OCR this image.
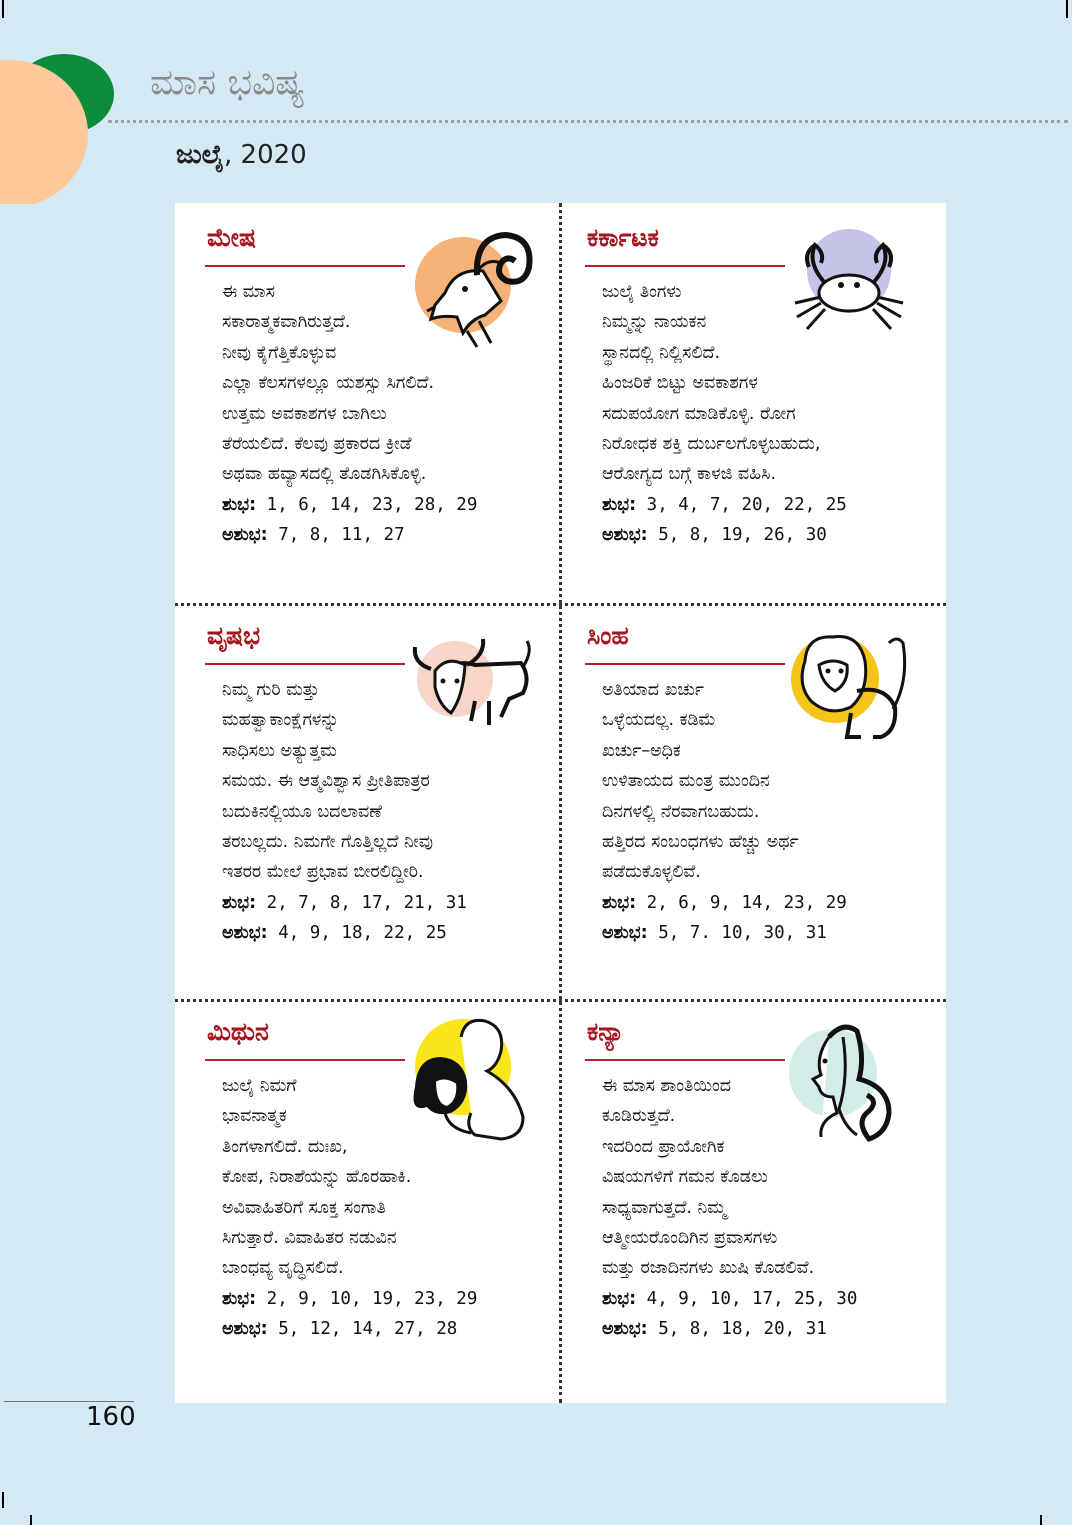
ಮಾಸ ಭವಿಷ್ಯ
ಜುಲೈ, 2020
ಮೇಷ
ಈ ಮಾಸ
ಸಕಾರಾತ್ಮಕವಾಗಿರುತ್ತದೆ.
ನೀವು ಕೈಗೆತ್ತಿಕೊಳ್ಳುವ
ಎಲ್ಲಾ ಕೆಲಸಗಳಲ್ಲೂ ಯಶಸ್ಸು ಸಿಗಲಿದೆ.
ಉತ್ತಮ ಅವಕಾಶಗಳ ಬಾಗಿಲು
ತೆರೆಯಲಿದೆ. ಕೆಲವು ಪ್ರಕಾರದ ಕ್ರೀಡೆ
ಅಥವಾ ಹವ್ಯಾಸದಲ್ಲಿ ತೊಡಗಿಸಿಕೊಳ್ಳಿ.
ಶುಭ: 1, 6, 14, 23, 28, 29
ಅಶುಭ: 7, 8, 11, 27
ಕರ್ಕಾಟಕ
ಜುಲೈ ತಿಂಗಳು
ನಿಮ್ಮನ್ನು ನಾಯಕನ
ಸ್ಥಾನದಲ್ಲಿ ನಿಲ್ಲಿಸಲಿದೆ.
ಹಿಂಜರಿಕೆ ಬಿಟ್ಟು ಅವಕಾಶಗಳ
ಸದುಪಯೋಗ ಮಾಡಿಕೊಳ್ಳಿ. ರೋಗ
ನಿರೋಧಕ ಶಕ್ತಿ ದುರ್ಬಲಗೊಳ್ಳಬಹುದು,
ಆರೋಗ್ಯದ ಬಗ್ಗೆ ಕಾಳಜಿ ವಹಿಸಿ.
ಶುಭ: 3, 4, 7, 20, 22, 25
ಅಶುಭ: 5, 8, 19, 26, 30
ವೃಷಭ
ನಿಮ್ಮ ಗುರಿ ಮತ್ತು
ಮಹತ್ವಾಕಾಂಕ್ಷೆಗಳನ್ನು
ಸಾಧಿಸಲು ಅತ್ಯುತ್ತಮ
ಸಮಯ. ಈ ಆತ್ಮವಿಶ್ವಾಸ ಪ್ರೀತಿಪಾತ್ರರ
ಬದುಕಿನಲ್ಲಿಯೂ ಬದಲಾವಣೆ
ತರಬಲ್ಲದು. ನಿಮಗೇ ಗೊತ್ತಿಲ್ಲದೆ ನೀವು
ಇತರರ ಮೇಲೆ ಪ್ರಭಾವ ಬೀರಲಿದ್ದೀರಿ.
ಶುಭ: 2, 7, 8, 17, 21, 31
ಅಶುಭ: 4, 9, 18, 22, 25
ಸಿಂಹ
ಅತಿಯಾದ ಖರ್ಚು
ಒಳ್ಳೆಯದಲ್ಲ. ಕಡಿಮೆ
ಖರ್ಚು–ಅಧಿಕ
ಉಳಿತಾಯದ ಮಂತ್ರ ಮುಂದಿನ
ದಿನಗಳಲ್ಲಿ ನೆರವಾಗಬಹುದು.
ಹತ್ತಿರದ ಸಂಬಂಧಗಳು ಹೆಚ್ಚು ಅರ್ಥ
ಪಡೆದುಕೊಳ್ಳಲಿವೆ.
ಶುಭ: 2, 6, 9, 14, 23, 29
ಅಶುಭ: 5, 7. 10, 30, 31
ಮಿಥುನ
ಜುಲೈ ನಿಮಗೆ
ಭಾವನಾತ್ಮಕ
ತಿಂಗಳಾಗಲಿದೆ. ದುಃಖ,
ಕೋಪ, ನಿರಾಶೆಯನ್ನು ಹೊರಹಾಕಿ.
ಅವಿವಾಹಿತರಿಗೆ ಸೂಕ್ತ ಸಂಗಾತಿ
ಸಿಗುತ್ತಾರೆ. ವಿವಾಹಿತರ ನಡುವಿನ
ಬಾಂಧವ್ಯ ವೃದ್ಧಿಸಲಿದೆ.
ಶುಭ: 2, 9, 10, 19, 23, 29
ಅಶುಭ: 5, 12, 14, 27, 28
ಕನ್ಯಾ
ಈ ಮಾಸ ಶಾಂತಿಯಿಂದ
ಕೂಡಿರುತ್ತದೆ.
ಇದರಿಂದ ಪ್ರಾಯೋಗಿಕ
ವಿಷಯಗಳಿಗೆ ಗಮನ ಕೊಡಲು
ಸಾಧ್ಯವಾಗುತ್ತದೆ. ನಿಮ್ಮ
ಆತ್ಮೀಯರೊಂದಿಗಿನ ಪ್ರವಾಸಗಳು
ಮತ್ತು ರಜಾದಿನಗಳು ಖುಷಿ ಕೊಡಲಿವೆ.
ಶುಭ: 4, 9, 10, 17, 25, 30
ಅಶುಭ: 5, 8, 18, 20, 31
160
